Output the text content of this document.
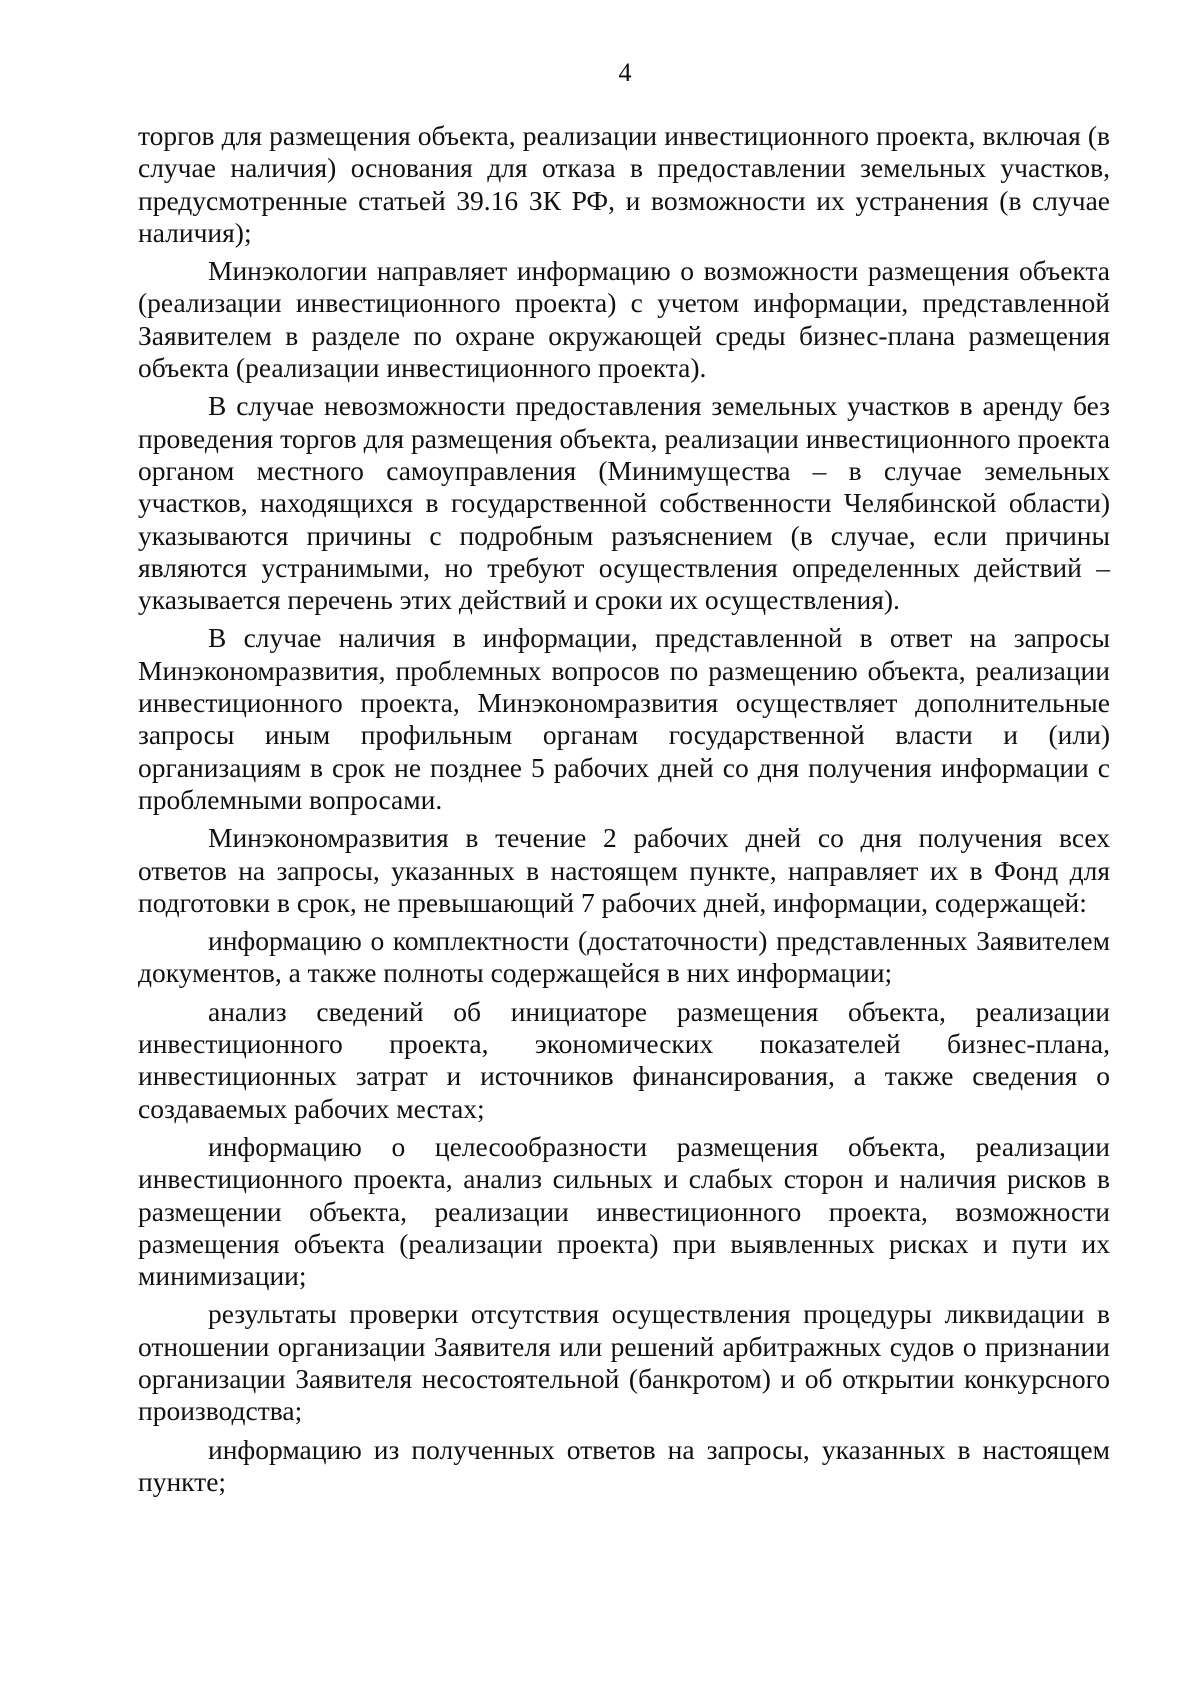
4

торгов для размещения объекта, реализации инвестиционного проекта, включая (в случае наличия) основания для отказа в предоставлении земельных участков, предусмотренные статьей 39.16 ЗК РФ, и возможности их устранения (в случае наличия);

Минэкологии направляет информацию о возможности размещения объекта (реализации инвестиционного проекта) с учетом информации, представленной Заявителем в разделе по охране окружающей среды бизнес-плана размещения объекта (реализации инвестиционного проекта).

В случае невозможности предоставления земельных участков в аренду без проведения торгов для размещения объекта, реализации инвестиционного проекта органом местного самоуправления (Минимущества – в случае земельных участков, находящихся в государственной собственности Челябинской области) указываются причины с подробным разъяснением (в случае, если причины являются устранимыми, но требуют осуществления определенных действий – указывается перечень этих действий и сроки их осуществления).

В случае наличия в информации, представленной в ответ на запросы Минэкономразвития, проблемных вопросов по размещению объекта, реализации инвестиционного проекта, Минэкономразвития осуществляет дополнительные запросы иным профильным органам государственной власти и (или) организациям в срок не позднее 5 рабочих дней со дня получения информации с проблемными вопросами.

Минэкономразвития в течение 2 рабочих дней со дня получения всех ответов на запросы, указанных в настоящем пункте, направляет их в Фонд для подготовки в срок, не превышающий 7 рабочих дней, информации, содержащей:

информацию о комплектности (достаточности) представленных Заявителем документов, а также полноты содержащейся в них информации;

анализ сведений об инициаторе размещения объекта, реализации инвестиционного проекта, экономических показателей бизнес-плана, инвестиционных затрат и источников финансирования, а также сведения о создаваемых рабочих местах;

информацию о целесообразности размещения объекта, реализации инвестиционного проекта, анализ сильных и слабых сторон и наличия рисков в размещении объекта, реализации инвестиционного проекта, возможности размещения объекта (реализации проекта) при выявленных рисках и пути их минимизации;

результаты проверки отсутствия осуществления процедуры ликвидации в отношении организации Заявителя или решений арбитражных судов о признании организации Заявителя несостоятельной (банкротом) и об открытии конкурсного производства;

информацию из полученных ответов на запросы, указанных в настоящем пункте;
